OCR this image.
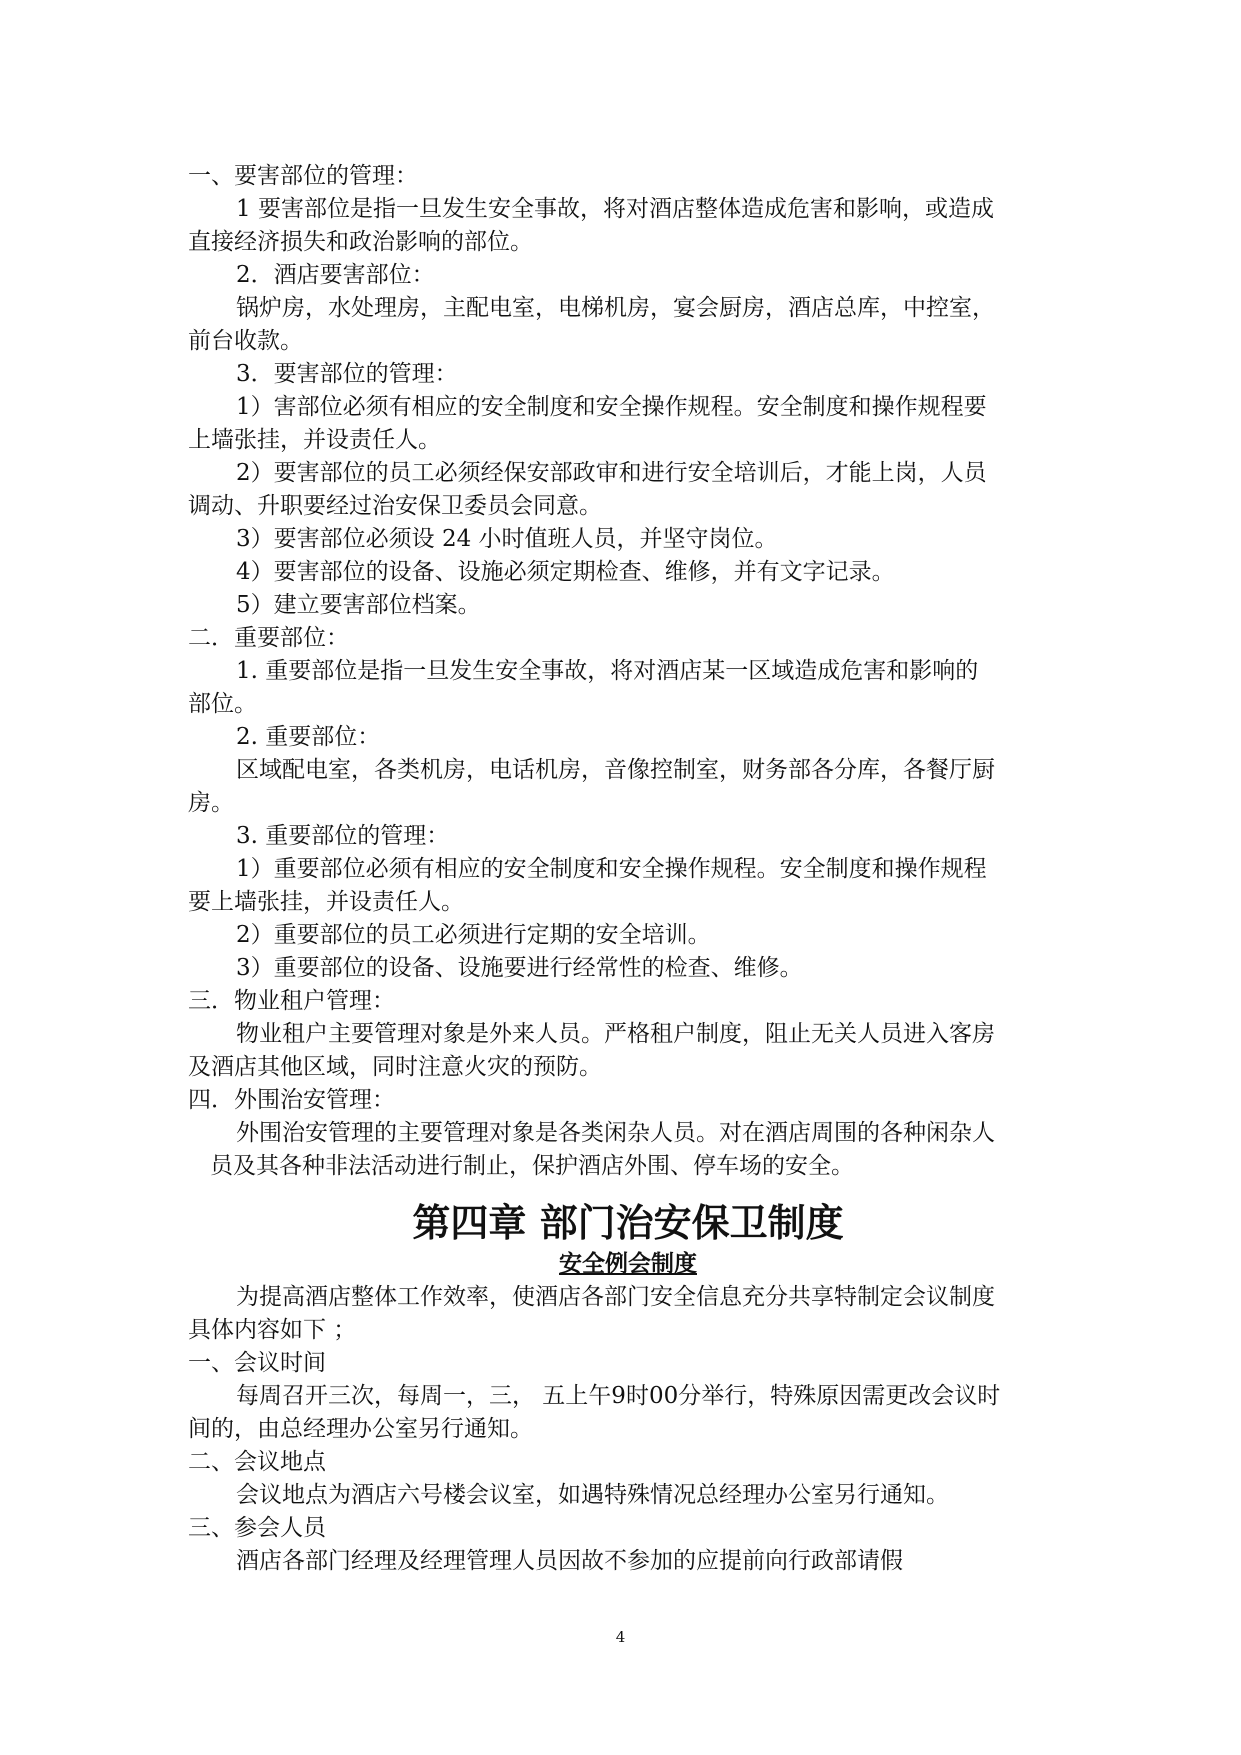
一、要害部位的管理：
1 要害部位是指一旦发生安全事故，将对酒店整体造成危害和影响，或造成
直接经济损失和政治影响的部位。
2．酒店要害部位：
锅炉房，水处理房，主配电室，电梯机房，宴会厨房，酒店总库，中控室，
前台收款。
3．要害部位的管理：
1）害部位必须有相应的安全制度和安全操作规程。安全制度和操作规程要
上墙张挂，并设责任人。
2）要害部位的员工必须经保安部政审和进行安全培训后，才能上岗，人员
调动、升职要经过治安保卫委员会同意。
3）要害部位必须设 24 小时值班人员，并坚守岗位。
4）要害部位的设备、设施必须定期检查、维修，并有文字记录。
5）建立要害部位档案。
二．重要部位：
1. 重要部位是指一旦发生安全事故，将对酒店某一区域造成危害和影响的
部位。
2. 重要部位：
区域配电室，各类机房，电话机房，音像控制室，财务部各分库，各餐厅厨
房。
3. 重要部位的管理：
1）重要部位必须有相应的安全制度和安全操作规程。安全制度和操作规程
要上墙张挂，并设责任人。
2）重要部位的员工必须进行定期的安全培训。
3）重要部位的设备、设施要进行经常性的检查、维修。
三．物业租户管理：
物业租户主要管理对象是外来人员。严格租户制度，阻止无关人员进入客房
及酒店其他区域，同时注意火灾的预防。
四．外围治安管理：
外围治安管理的主要管理对象是各类闲杂人员。对在酒店周围的各种闲杂人
员及其各种非法活动进行制止，保护酒店外围、停车场的安全。
第四章 部门治安保卫制度
安全例会制度
为提高酒店整体工作效率，使酒店各部门安全信息充分共享特制定会议制度
具体内容如下 ；
一、会议时间
每周召开三次，每周一，三， 五上午9时00分举行，特殊原因需更改会议时
间的，由总经理办公室另行通知。
二、会议地点
会议地点为酒店六号楼会议室，如遇特殊情况总经理办公室另行通知。
三、参会人员
酒店各部门经理及经理管理人员因故不参加的应提前向行政部请假
4
